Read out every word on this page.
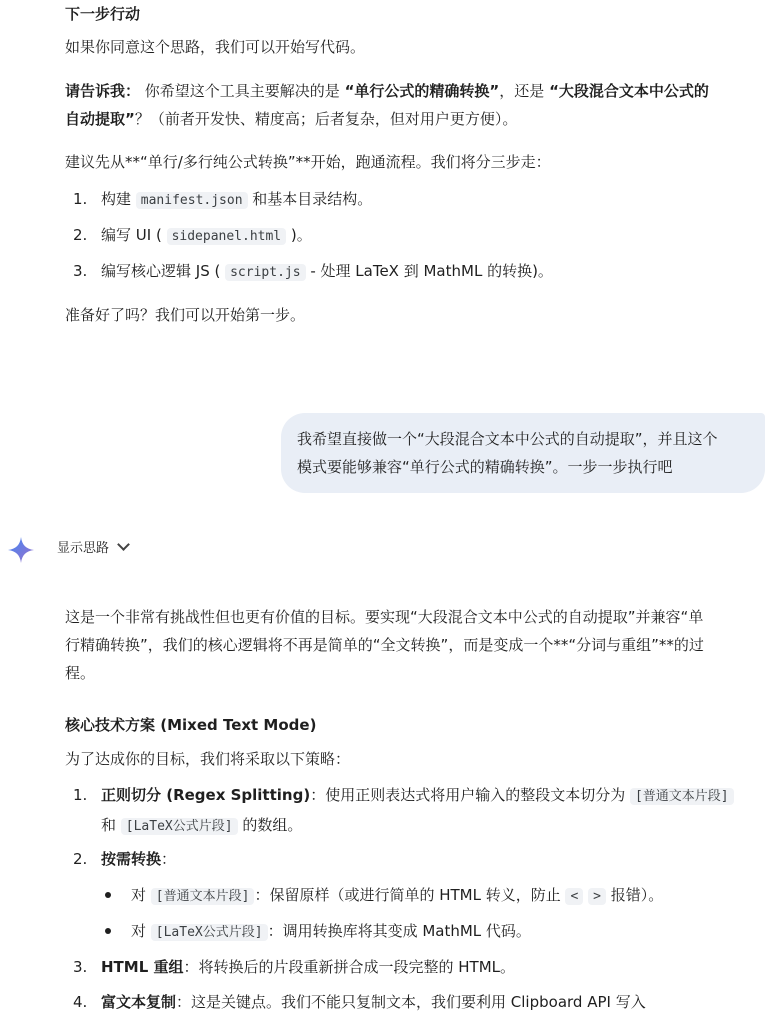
下一步行动
如果你同意这个思路，我们可以开始写代码。
请告诉我： 你希望这个工具主要解决的是 “单行公式的精确转换”，还是 “大段混合文本中公式的
自动提取”？（前者开发快、精度高；后者复杂，但对用户更方便）。
建议先从**“单行/多行纯公式转换”**开始，跑通流程。我们将分三步走：
1. 构建 manifest.json 和基本目录结构。
2. 编写 UI ( sidepanel.html )。
3. 编写核心逻辑 JS ( script.js - 处理 LaTeX 到 MathML 的转换)。
准备好了吗？我们可以开始第一步。
我希望直接做一个“大段混合文本中公式的自动提取”，并且这个
模式要能够兼容“单行公式的精确转换”。一步一步执行吧
显示思路
这是一个非常有挑战性但也更有价值的目标。要实现“大段混合文本中公式的自动提取”并兼容“单
行精确转换”，我们的核心逻辑将不再是简单的“全文转换”，而是变成一个**“分词与重组”**的过
程。
核心技术方案 (Mixed Text Mode)
为了达成你的目标，我们将采取以下策略：
1. 正则切分 (Regex Splitting)：使用正则表达式将用户输入的整段文本切分为 [普通文本片段]
和 [LaTeX公式片段] 的数组。
2. 按需转换：
对 [普通文本片段] ：保留原样（或进行简单的 HTML 转义，防止 < > 报错）。
对 [LaTeX公式片段] ：调用转换库将其变成 MathML 代码。
3. HTML 重组：将转换后的片段重新拼合成一段完整的 HTML。
4. 富文本复制：这是关键点。我们不能只复制文本，我们要利用 Clipboard API 写入
